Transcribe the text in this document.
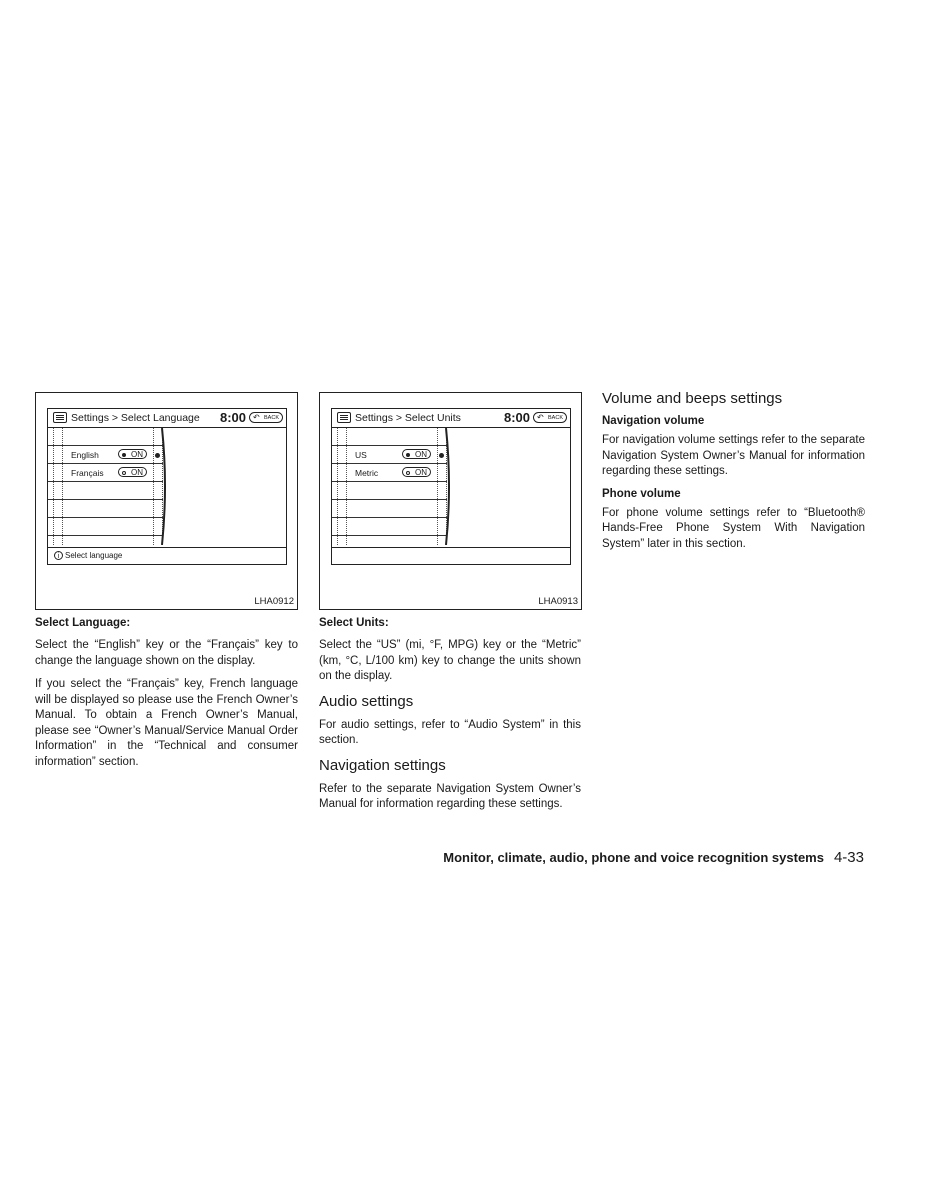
Settings > Select Language 8:00 ↶ BACK
English	ON
Français	ON
i Select language
LHA0912
Select Language:

Select the “English” key or the “Français” key to change the language shown on the display.

If you select the “Français” key, French language will be displayed so please use the French Owner’s Manual. To obtain a French Owner’s Manual, please see “Owner’s Manual/Service Manual Order Information” in the “Technical and consumer information” section.

Settings > Select Units	8:00 ↶ BACK
US	ON
Metric	ON
LHA0913
Select Units:

Select the “US” (mi, °F, MPG) key or the “Metric” (km, °C, L/100 km) key to change the units shown on the display.

Audio settings

For audio settings, refer to “Audio System” in this section.

Navigation settings

Refer to the separate Navigation System Owner’s Manual for information regarding these settings.

Volume and beeps settings
Navigation volume

For navigation volume settings refer to the separate Navigation System Owner’s Manual for information regarding these settings.

Phone volume

For phone volume settings refer to “Bluetooth® Hands-Free Phone System With Navigation System” later in this section.

Monitor, climate, audio, phone and voice recognition systems 4-33
